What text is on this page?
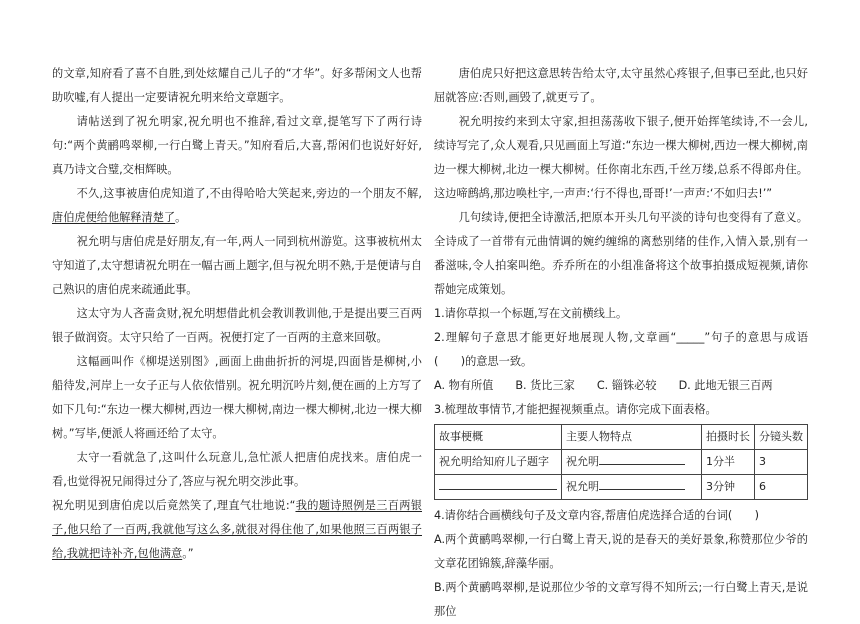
的文章,知府看了喜不自胜,到处炫耀自己儿子的“才华”。好多帮闲文人也帮助吹嘘,有人提出一定要请祝允明来给文章题字。

请帖送到了祝允明家,祝允明也不推辞,看过文章,提笔写下了两行诗句:“两个黄鹂鸣翠柳,一行白鹭上青天。”知府看后,大喜,帮闲们也说好好好,真乃诗文合璧,交相辉映。

不久,这事被唐伯虎知道了,不由得哈哈大笑起来,旁边的一个朋友不解,唐伯虎便给他解释清楚了。

祝允明与唐伯虎是好朋友,有一年,两人一同到杭州游览。这事被杭州太守知道了,太守想请祝允明在一幅古画上题字,但与祝允明不熟,于是便请与自己熟识的唐伯虎来疏通此事。

这太守为人吝啬贪财,祝允明想借此机会教训教训他,于是提出要三百两银子做润资。太守只给了一百两。祝便打定了一百两的主意来回敬。

这幅画叫作《柳堤送别图》,画面上曲曲折折的河堤,四面皆是柳树,小船待发,河岸上一女子正与人依依惜别。祝允明沉吟片刻,便在画的上方写了如下几句:“东边一棵大柳树,西边一棵大柳树,南边一棵大柳树,北边一棵大柳树。”写毕,便派人将画还给了太守。

太守一看就急了,这叫什么玩意儿,急忙派人把唐伯虎找来。唐伯虎一看,也觉得祝兄闹得过分了,答应与祝允明交涉此事。

祝允明见到唐伯虎以后竟然笑了,理直气壮地说:“我的题诗照例是三百两银子,他只给了一百两,我就他写这么多,就很对得住他了,如果他照三百两银子给,我就把诗补齐,包他满意。”

唐伯虎只好把这意思转告给太守,太守虽然心疼银子,但事已至此,也只好屈就答应:否则,画毁了,就更亏了。

祝允明按约来到太守家,担担荡荡收下银子,便开始挥笔续诗,不一会儿,续诗写完了,众人观看,只见画面上写道:“东边一棵大柳树,西边一棵大柳树,南边一棵大柳树,北边一棵大柳树。任你南北东西,千丝万缕,总系不得郎舟住。这边啼鹧鸪,那边唤杜宇,一声声:‘行不得也,哥哥!’一声声:‘不如归去!’”

几句续诗,便把全诗激活,把原本开头几句平淡的诗句也变得有了意义。全诗成了一首带有元曲情调的婉约缠绵的离愁别绪的佳作,入情入景,别有一番滋味,令人拍案叫绝。乔乔所在的小组准备将这个故事拍摄成短视频,请你帮她完成策划。

1.请你草拟一个标题,写在文前横线上。

2.理解句子意思才能更好地展现人物,文章画“_____”句子的意思与成语(　　)的意思一致。

A. 物有所值 B. 货比三家 C. 锱铢必较 D. 此地无银三百两

3.梳理故事情节,才能把握视频重点。请你完成下面表格。

故事梗概	主要人物特点	拍摄时长	分镜头数
祝允明给知府儿子题字	祝允明	1分半	3
	祝允明	3分钟	6

4.请你结合画横线句子及文章内容,帮唐伯虎选择合适的台词(　　)

A.两个黄鹂鸣翠柳,一行白鹭上青天,说的是春天的美好景象,称赞那位少爷的文章花团锦簇,辞藻华丽。

B.两个黄鹂鸣翠柳,是说那位少爷的文章写得不知所云;一行白鹭上青天,是说那位
